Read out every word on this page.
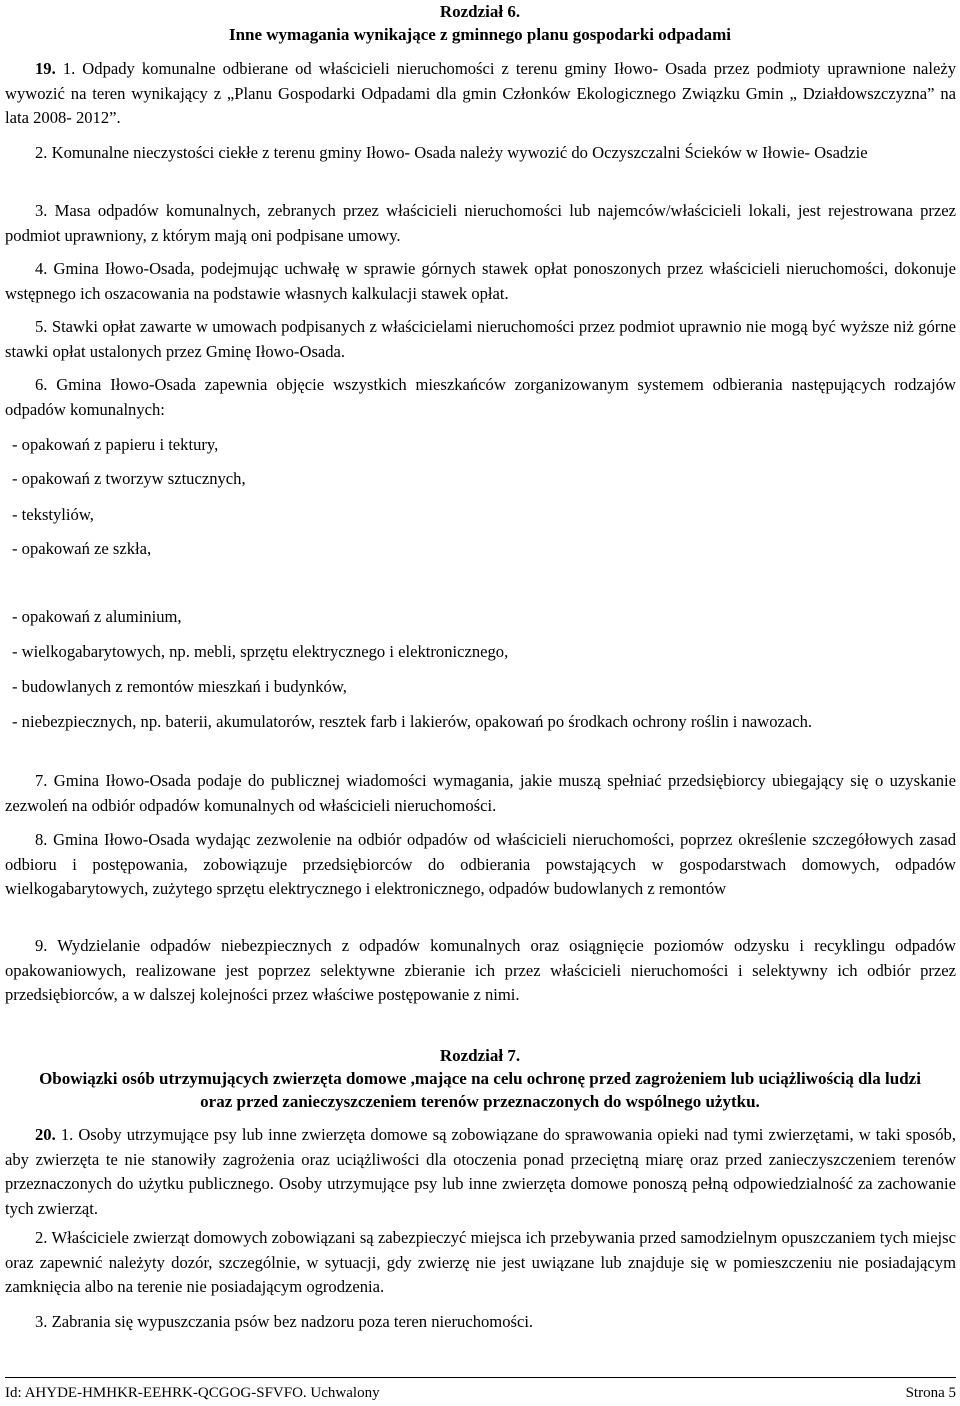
Rozdział 6.

Inne wymagania wynikające z gminnego planu gospodarki odpadami

19. 1. Odpady komunalne odbierane od właścicieli nieruchomości z terenu gminy Iłowo- Osada przez podmioty uprawnione należy wywozić na teren wynikający z „Planu Gospodarki Odpadami dla gmin Członków Ekologicznego Związku Gmin „ Działdowszczyzna” na lata 2008- 2012”.

2. Komunalne nieczystości ciekłe z terenu gminy Iłowo- Osada należy wywozić do Oczyszczalni Ścieków w Iłowie- Osadzie

3. Masa odpadów komunalnych, zebranych przez właścicieli nieruchomości lub najemców/właścicieli lokali, jest rejestrowana przez podmiot uprawniony, z którym mają oni podpisane umowy.

4. Gmina Iłowo-Osada, podejmując uchwałę w sprawie górnych stawek opłat ponoszonych przez właścicieli nieruchomości, dokonuje wstępnego ich oszacowania na podstawie własnych kalkulacji stawek opłat.

5. Stawki opłat zawarte w umowach podpisanych z właścicielami nieruchomości przez podmiot uprawnio nie mogą być wyższe niż górne stawki opłat ustalonych przez Gminę Iłowo-Osada.

6. Gmina Iłowo-Osada zapewnia objęcie wszystkich mieszkańców zorganizowanym systemem odbierania następujących rodzajów odpadów komunalnych:

- opakowań z papieru i tektury,

- opakowań z tworzyw sztucznych,

- tekstyliów,

- opakowań ze szkła,

- opakowań z aluminium,

- wielkogabarytowych, np. mebli, sprzętu elektrycznego i elektronicznego,

- budowlanych z remontów mieszkań i budynków,

- niebezpiecznych, np. baterii, akumulatorów, resztek farb i lakierów, opakowań po środkach ochrony roślin i nawozach.

7. Gmina Iłowo-Osada podaje do publicznej wiadomości wymagania, jakie muszą spełniać przedsiębiorcy ubiegający się o uzyskanie zezwoleń na odbiór odpadów komunalnych od właścicieli nieruchomości.

8. Gmina Iłowo-Osada wydając zezwolenie na odbiór odpadów od właścicieli nieruchomości, poprzez określenie szczegółowych zasad odbioru i postępowania, zobowiązuje przedsiębiorców do odbierania powstających w gospodarstwach domowych, odpadów wielkogabarytowych, zużytego sprzętu elektrycznego i elektronicznego, odpadów budowlanych z remontów

9. Wydzielanie odpadów niebezpiecznych z odpadów komunalnych oraz osiągnięcie poziomów odzysku i recyklingu odpadów opakowaniowych, realizowane jest poprzez selektywne zbieranie ich przez właścicieli nieruchomości i selektywny ich odbiór przez przedsiębiorców, a w dalszej kolejności przez właściwe postępowanie z nimi.

Rozdział 7.

Obowiązki osób utrzymujących zwierzęta domowe ,mające na celu ochronę przed zagrożeniem lub uciążliwością dla ludzi oraz przed zanieczyszczeniem terenów przeznaczonych do wspólnego użytku.

20. 1. Osoby utrzymujące psy lub inne zwierzęta domowe są zobowiązane do sprawowania opieki nad tymi zwierzętami, w taki sposób, aby zwierzęta te nie stanowiły zagrożenia oraz uciążliwości dla otoczenia ponad przeciętną miarę oraz przed zanieczyszczeniem terenów przeznaczonych do użytku publicznego. Osoby utrzymujące psy lub inne zwierzęta domowe ponoszą pełną odpowiedzialność za zachowanie tych zwierząt.

2. Właściciele zwierząt domowych zobowiązani są zabezpieczyć miejsca ich przebywania przed samodzielnym opuszczaniem tych miejsc oraz zapewnić należyty dozór, szczególnie, w sytuacji, gdy zwierzę nie jest uwiązane lub znajduje się w pomieszczeniu nie posiadającym zamknięcia albo na terenie nie posiadającym ogrodzenia.

3. Zabrania się wypuszczania psów bez nadzoru poza teren nieruchomości.

Id: AHYDE-HMHKR-EEHRK-QCGOG-SFVFO. Uchwalony	Strona 5
